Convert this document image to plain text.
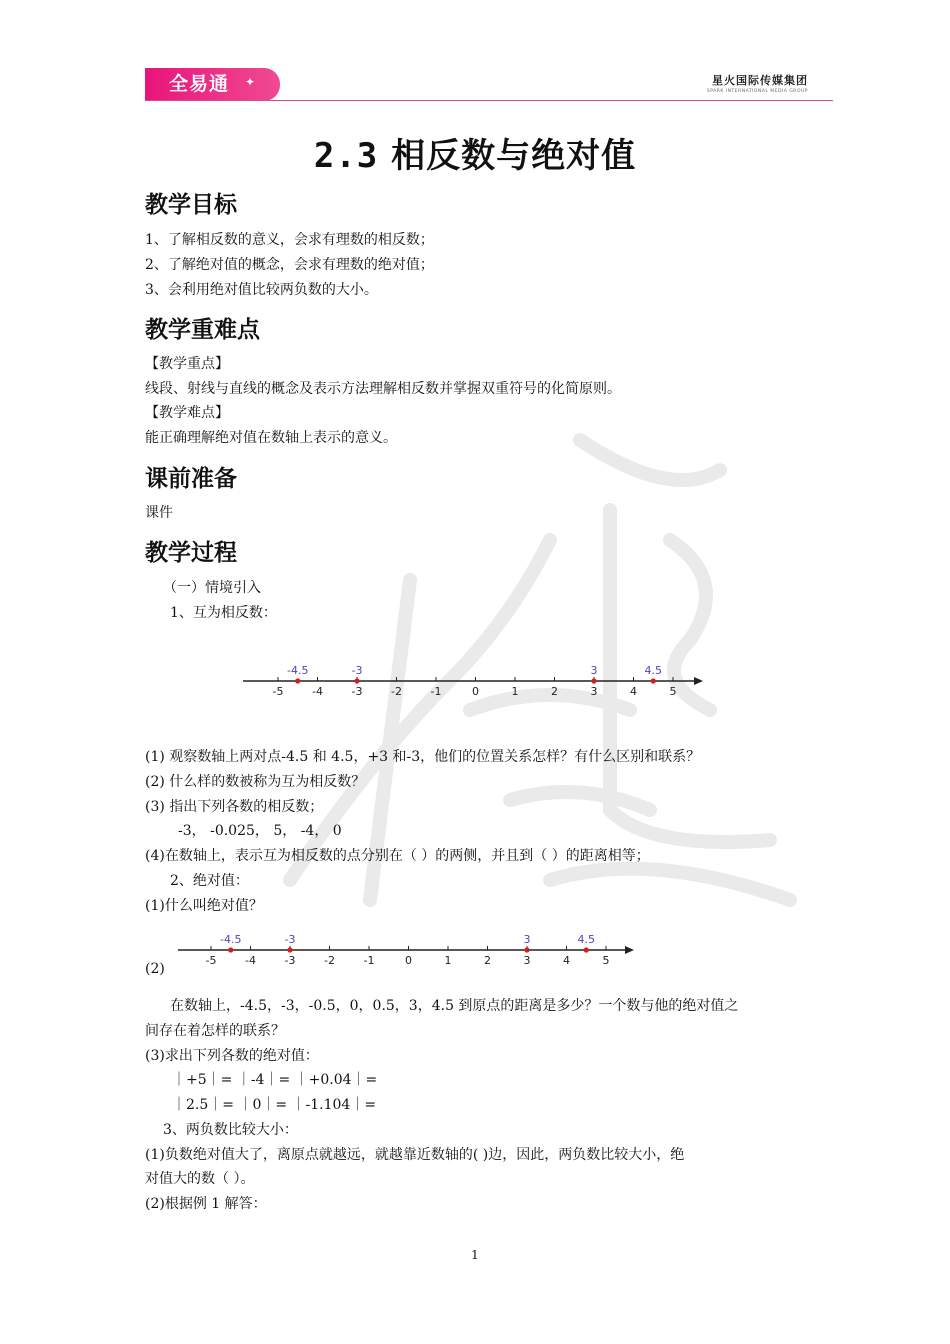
全易通 ✦	星火国际传媒集团
SPARK INTERNATIONAL MEDIA GROUP
2.3 相反数与绝对值
教学目标
1、了解相反数的意义，会求有理数的相反数；
2、了解绝对值的概念，会求有理数的绝对值；
3、会利用绝对值比较两负数的大小。
教学重难点
【教学重点】
线段、射线与直线的概念及表示方法理解相反数并掌握双重符号的化简原则。
【教学难点】
能正确理解绝对值在数轴上表示的意义。
课前准备
课件
教学过程
（一）情境引入
1、互为相反数：
-5	-4	-3	-2	-1	0	1	2	3	4	5
-4.5	-3	3	4.5
(1) 观察数轴上两对点-4.5 和 4.5，+3 和-3，他们的位置关系怎样？有什么区别和联系？
(2) 什么样的数被称为互为相反数？
(3) 指出下列各数的相反数；
-3， -0.025， 5， -4， 0
(4)在数轴上，表示互为相反数的点分别在（ ）的两侧，并且到（ ）的距离相等；
2、绝对值：
(1)什么叫绝对值？
(2)
-5	-4	-3	-2	-1	0	1	2	3	4	5
-4.5	-3	3	4.5
在数轴上，-4.5，-3，-0.5，0，0.5，3，4.5 到原点的距离是多少？一个数与他的绝对值之
间存在着怎样的联系？
(3)求出下列各数的绝对值：
｜+5｜= ｜-4｜= ｜+0.04｜=
｜2.5｜= ｜0｜= ｜-1.104｜=
3、两负数比较大小：
(1)负数绝对值大了，离原点就越远，就越靠近数轴的( )边，因此，两负数比较大小，绝
对值大的数（ ）。
(2)根据例 1 解答：
1
